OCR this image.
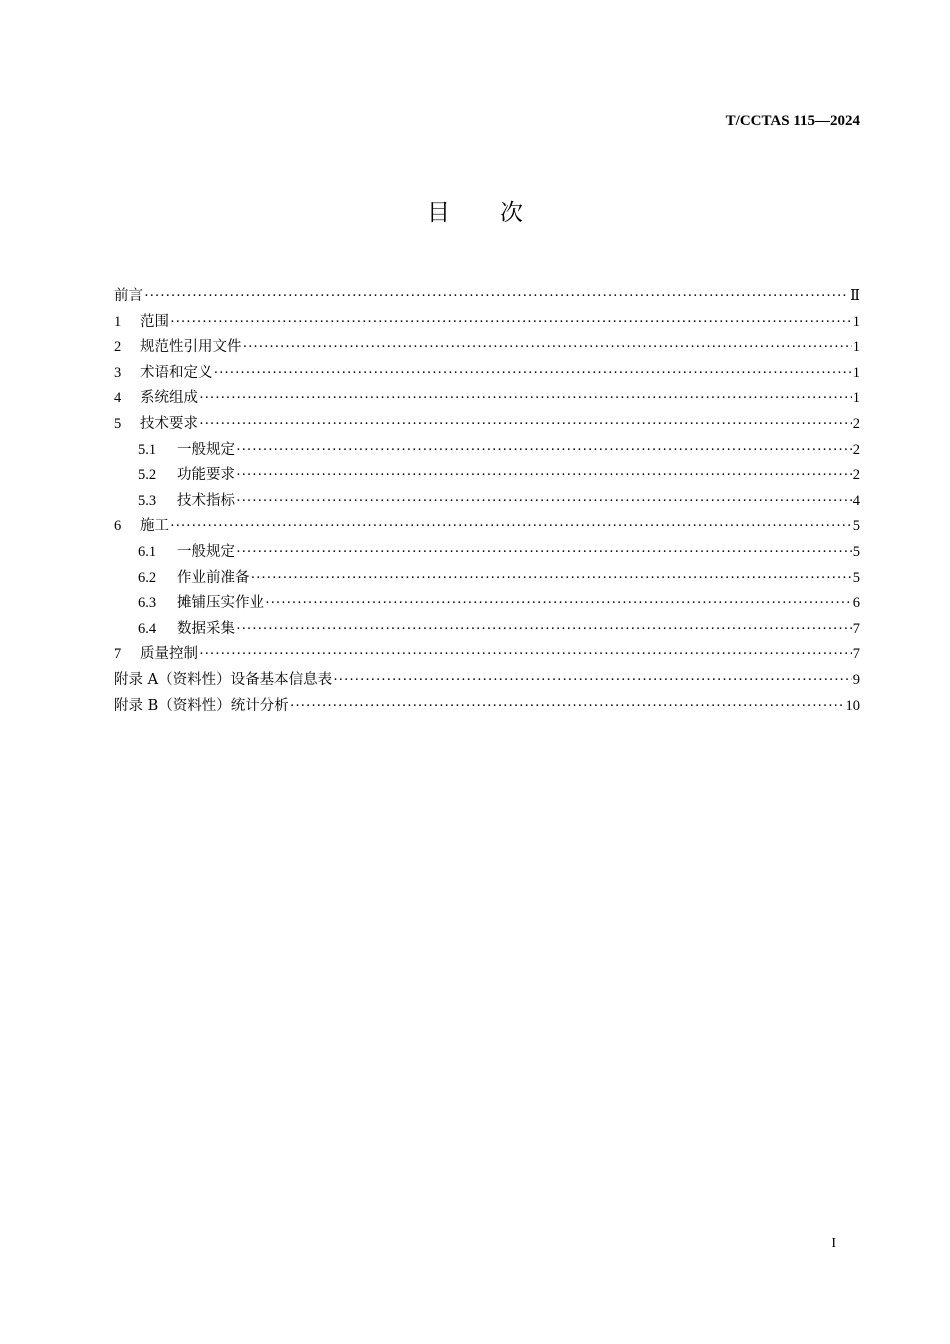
T/CCTAS 115—2024
目 次
前言 ·····	Ⅱ
1	范围 ·····	1
2	规范性引用文件 ·····	1
3	术语和定义 ·····	1
4	系统组成 ·····	1
5	技术要求 ·····	2
5.1	一般规定 ·····	2
5.2	功能要求 ·····	2
5.3	技术指标 ·····	4
6	施工 ·····	5
6.1	一般规定 ·····	5
6.2	作业前准备 ·····	5
6.3	摊铺压实作业 ·····	6
6.4	数据采集 ·····	7
7	质量控制 ·····	7
附录 A（资料性）设备基本信息表 ·····	9
附录 B（资料性）统计分析 ·····	10
I
